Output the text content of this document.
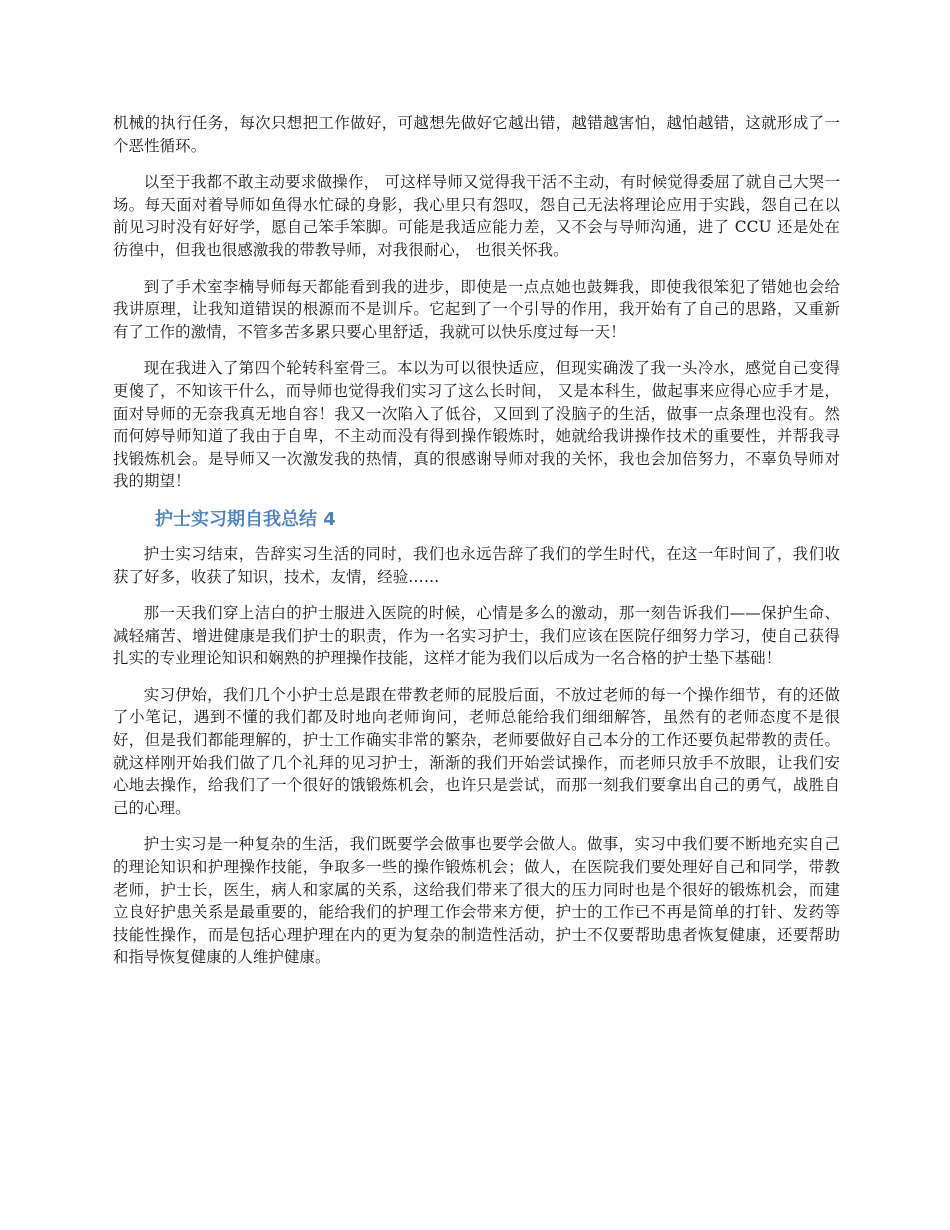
机械的执行任务，每次只想把工作做好，可越想先做好它越出错，越错越害怕，越怕越错，这就形成了一个恶性循环。

以至于我都不敢主动要求做操作， 可这样导师又觉得我干活不主动，有时候觉得委屈了就自己大哭一场。每天面对着导师如鱼得水忙碌的身影，我心里只有怨叹，怨自己无法将理论应用于实践，怨自己在以前见习时没有好好学，愿自己笨手笨脚。可能是我适应能力差，又不会与导师沟通，进了 CCU 还是处在彷徨中，但我也很感激我的带教导师，对我很耐心， 也很关怀我。

到了手术室李楠导师每天都能看到我的进步，即使是一点点她也鼓舞我，即使我很笨犯了错她也会给我讲原理，让我知道错误的根源而不是训斥。它起到了一个引导的作用，我开始有了自己的思路，又重新有了工作的激情，不管多苦多累只要心里舒适，我就可以快乐度过每一天！

现在我进入了第四个轮转科室骨三。本以为可以很快适应，但现实确泼了我一头冷水，感觉自己变得更傻了，不知该干什么，而导师也觉得我们实习了这么长时间， 又是本科生，做起事来应得心应手才是，面对导师的无奈我真无地自容！我又一次陷入了低谷，又回到了没脑子的生活，做事一点条理也没有。然而何婷导师知道了我由于自卑，不主动而没有得到操作锻炼时，她就给我讲操作技术的重要性，并帮我寻找锻炼机会。是导师又一次激发我的热情，真的很感谢导师对我的关怀，我也会加倍努力，不辜负导师对我的期望！

护士实习期自我总结 4

护士实习结束，告辞实习生活的同时，我们也永远告辞了我们的学生时代，在这一年时间了，我们收获了好多，收获了知识，技术，友情，经验……

那一天我们穿上洁白的护士服进入医院的时候，心情是多么的激动，那一刻告诉我们——保护生命、减轻痛苦、增进健康是我们护士的职责，作为一名实习护士，我们应该在医院仔细努力学习，使自己获得扎实的专业理论知识和娴熟的护理操作技能，这样才能为我们以后成为一名合格的护士垫下基础！

实习伊始，我们几个小护士总是跟在带教老师的屁股后面，不放过老师的每一个操作细节，有的还做了小笔记，遇到不懂的我们都及时地向老师询问，老师总能给我们细细解答，虽然有的老师态度不是很好，但是我们都能理解的，护士工作确实非常的繁杂，老师要做好自己本分的工作还要负起带教的责任。就这样刚开始我们做了几个礼拜的见习护士，渐渐的我们开始尝试操作，而老师只放手不放眼，让我们安心地去操作，给我们了一个很好的饿锻炼机会，也许只是尝试，而那一刻我们要拿出自己的勇气，战胜自己的心理。

护士实习是一种复杂的生活，我们既要学会做事也要学会做人。做事，实习中我们要不断地充实自己的理论知识和护理操作技能，争取多一些的操作锻炼机会；做人，在医院我们要处理好自己和同学，带教老师，护士长，医生，病人和家属的关系，这给我们带来了很大的压力同时也是个很好的锻炼机会，而建立良好护患关系是最重要的，能给我们的护理工作会带来方便，护士的工作已不再是简单的打针、发药等技能性操作，而是包括心理护理在内的更为复杂的制造性活动，护士不仅要帮助患者恢复健康，还要帮助和指导恢复健康的人维护健康。
